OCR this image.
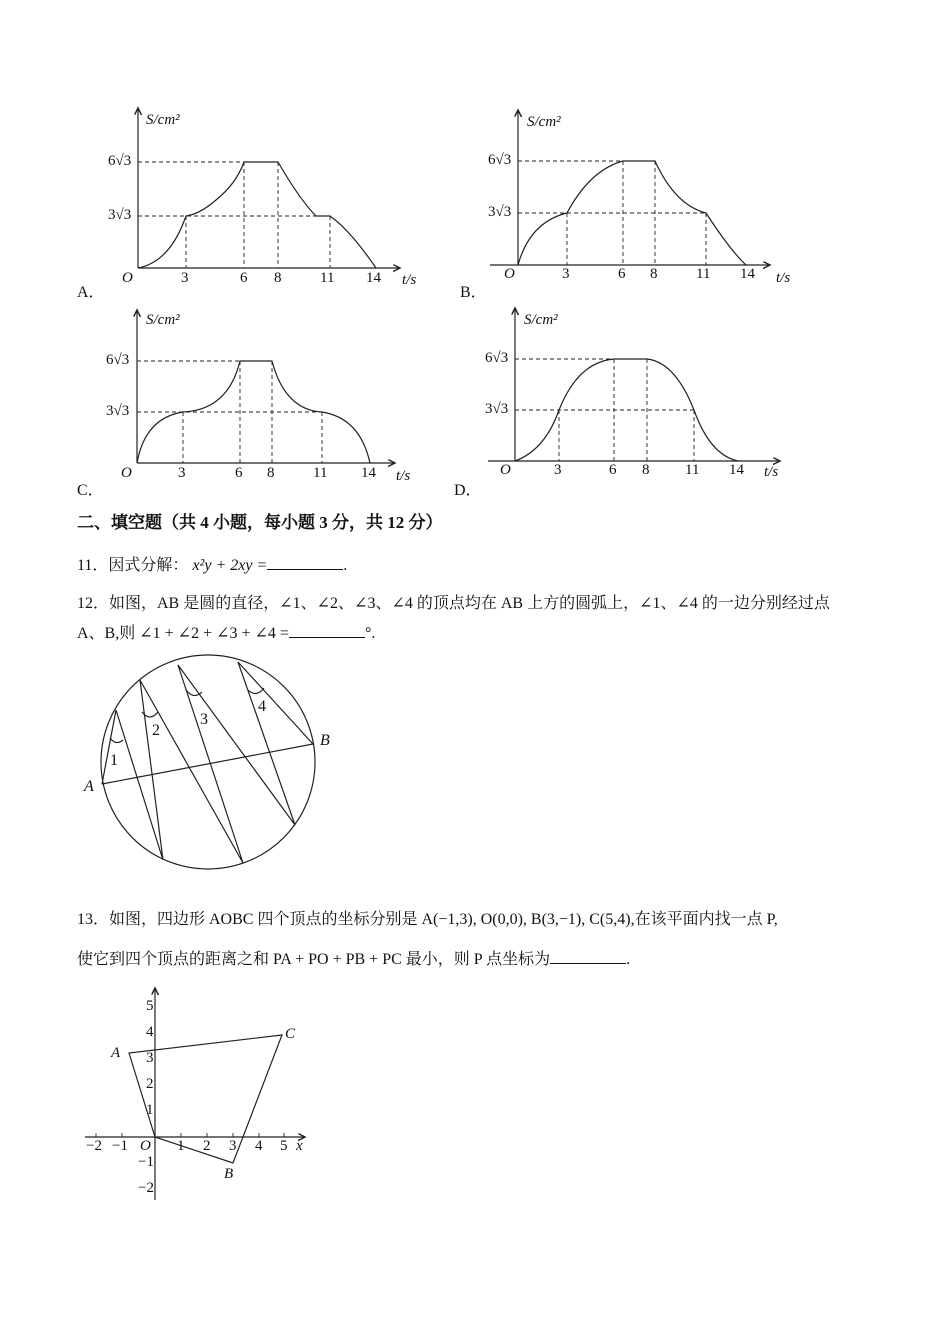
S/cm²
6√3
3√3
O	3	6 8	11 14 t/s
A．
S/cm²
6√3
3√3
O	3	6 8	11 14 t/s
B．
S/cm²
6√3
3√3
O	3	6 8	11 14 t/s
C．
S/cm²
6√3
3√3
O	3	6 8 11 14 t/s
D．
二、填空题（共 4 小题，每小题 3 分，共 12 分）
11．因式分解： x²y + 2xy =	.
12．如图，AB 是圆的直径，∠1、∠2、∠3、∠4 的顶点均在 AB 上方的圆弧上，∠1、∠4 的一边分别经过点
A、B,则 ∠1 + ∠2 + ∠3 + ∠4 =	°.
A
B
1
2
3
4
13．如图，四边形 AOBC 四个顶点的坐标分别是 A(−1,3), O(0,0), B(3,−1), C(5,4),在该平面内找一点 P,
使它到四个顶点的距离之和 PA + PO + PB + PC 最小，则 P 点坐标为	.
−2 −1 O 1 2 3 4 5 x
5
4
3
2
1
−1
−2
A
B
C
